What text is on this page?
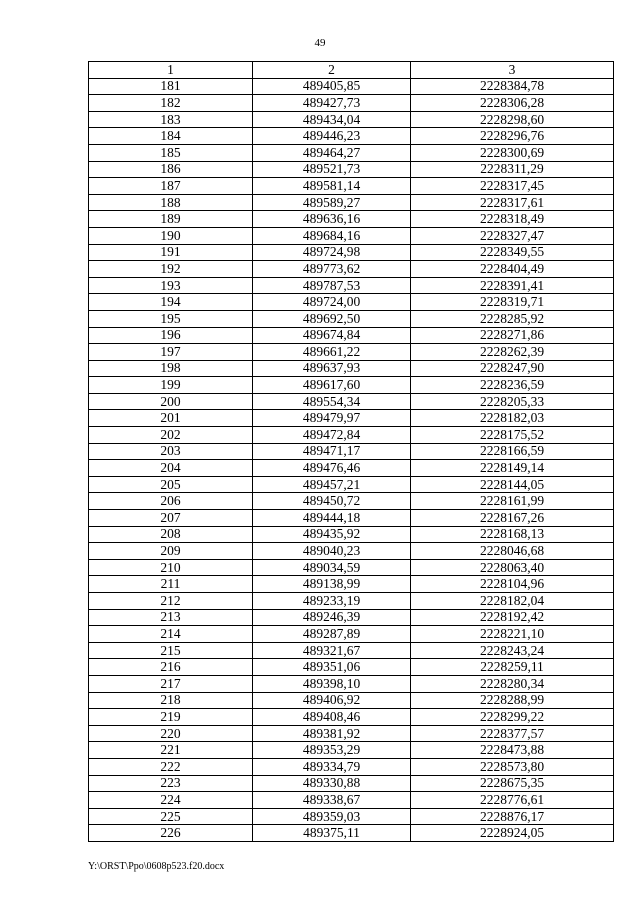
49
1	2	3
181	489405,85	2228384,78
182	489427,73	2228306,28
183	489434,04	2228298,60
184	489446,23	2228296,76
185	489464,27	2228300,69
186	489521,73	2228311,29
187	489581,14	2228317,45
188	489589,27	2228317,61
189	489636,16	2228318,49
190	489684,16	2228327,47
191	489724,98	2228349,55
192	489773,62	2228404,49
193	489787,53	2228391,41
194	489724,00	2228319,71
195	489692,50	2228285,92
196	489674,84	2228271,86
197	489661,22	2228262,39
198	489637,93	2228247,90
199	489617,60	2228236,59
200	489554,34	2228205,33
201	489479,97	2228182,03
202	489472,84	2228175,52
203	489471,17	2228166,59
204	489476,46	2228149,14
205	489457,21	2228144,05
206	489450,72	2228161,99
207	489444,18	2228167,26
208	489435,92	2228168,13
209	489040,23	2228046,68
210	489034,59	2228063,40
211	489138,99	2228104,96
212	489233,19	2228182,04
213	489246,39	2228192,42
214	489287,89	2228221,10
215	489321,67	2228243,24
216	489351,06	2228259,11
217	489398,10	2228280,34
218	489406,92	2228288,99
219	489408,46	2228299,22
220	489381,92	2228377,57
221	489353,29	2228473,88
222	489334,79	2228573,80
223	489330,88	2228675,35
224	489338,67	2228776,61
225	489359,03	2228876,17
226	489375,11	2228924,05
Y:\ORST\Ppo\0608p523.f20.docx
